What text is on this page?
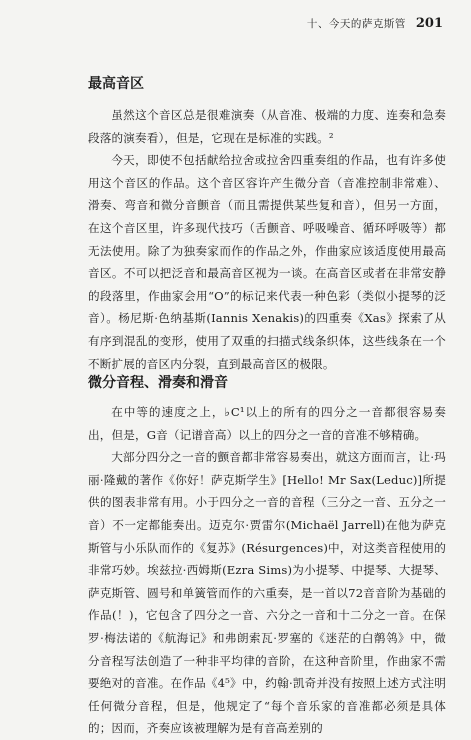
十、今天的萨克斯管 201
最高音区

虽然这个音区总是很难演奏（从音准、极端的力度、连奏和急奏段落的演奏看），但是，它现在是标准的实践。²

今天，即使不包括献给拉舍或拉舍四重奏组的作品，也有许多使用这个音区的作品。这个音区容许产生微分音（音准控制非常难）、滑奏、弯音和微分音颤音（而且需提供某些复和音），但另一方面，在这个音区里，许多现代技巧（舌颤音、呼吸噪音、循环呼吸等）都无法使用。除了为独奏家而作的作品之外，作曲家应该适度使用最高音区。不可以把泛音和最高音区视为一谈。在高音区或者在非常安静的段落里，作曲家会用“O”的标记来代表一种色彩（类似小提琴的泛音）。杨尼斯·色纳基斯(Iannis Xenakis)的四重奏《Xas》探索了从有序到混乱的变形，使用了双重的扫描式线条织体，这些线条在一个不断扩展的音区内分裂，直到最高音区的极限。

微分音程、滑奏和滑音

在中等的速度之上，♭C¹以上的所有的四分之一音都很容易奏出，但是，G音（记谱音高）以上的四分之一音的音准不够精确。

大部分四分之一音的颤音都非常容易奏出，就这方面而言，让·玛丽·隆戴的著作《你好！萨克斯学生》[Hello! Mr Sax(Leduc)]所提供的图表非常有用。小于四分之一音的音程（三分之一音、五分之一音）不一定都能奏出。迈克尔·贾雷尔(Michaël Jarrell)在他为萨克斯管与小乐队而作的《复苏》(Résurgences)中，对这类音程使用的非常巧妙。埃兹拉·西姆斯(Ezra Sims)为小提琴、中提琴、大提琴、萨克斯管、圆号和单簧管而作的六重奏，是一首以72音音阶为基础的作品(！)，它包含了四分之一音、六分之一音和十二分之一音。在保罗·梅法诺的《航海记》和弗朗索瓦·罗塞的《迷茫的白鹡鸰》中，微分音程写法创造了一种非平均律的音阶，在这种音阶里，作曲家不需要绝对的音准。在作品《4⁵》中，约翰·凯奇并没有按照上述方式注明任何微分音程，但是，他规定了“每个音乐家的音准都必须是具体的；因而，齐奏应该被理解为是有音高差别的
